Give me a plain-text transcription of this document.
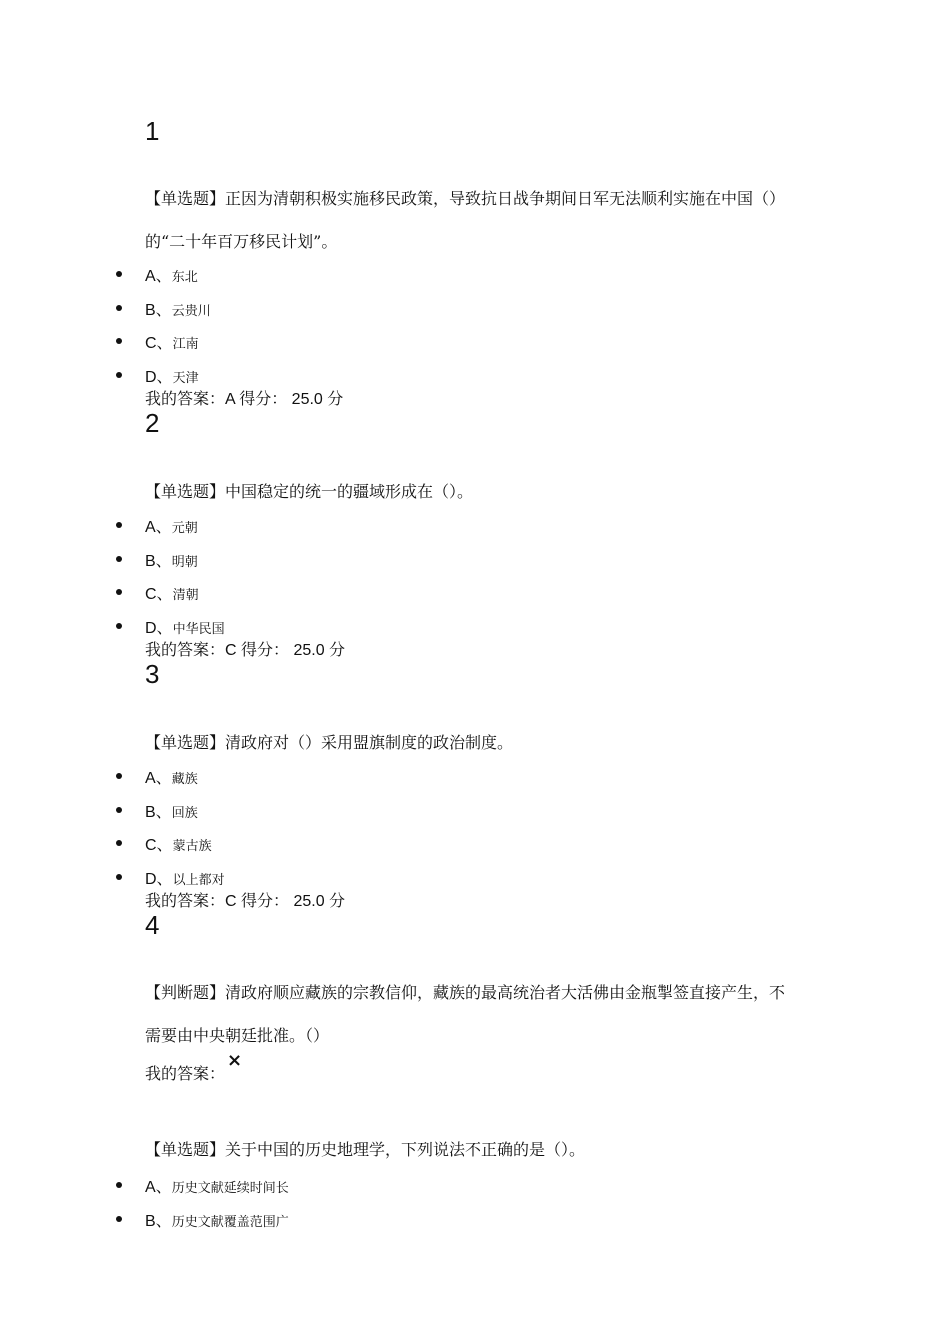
1
【单选题】正因为清朝积极实施移民政策，导致抗日战争期间日军无法顺利实施在中国（）
的“二十年百万移民计划”。
A、东北
B、云贵川
C、江南
D、天津
我的答案：A 得分： 25.0 分
2
【单选题】中国稳定的统一的疆域形成在（）。
A、元朝
B、明朝
C、清朝
D、中华民国
我的答案：C 得分： 25.0 分
3
【单选题】清政府对（）采用盟旗制度的政治制度。
A、藏族
B、回族
C、蒙古族
D、以上都对
我的答案：C 得分： 25.0 分
4
【判断题】清政府顺应藏族的宗教信仰，藏族的最高统治者大活佛由金瓶掣签直接产生，不
需要由中央朝廷批准。（）
我的答案：
×
【单选题】关于中国的历史地理学，下列说法不正确的是（）。
A、历史文献延续时间长
B、历史文献覆盖范围广
